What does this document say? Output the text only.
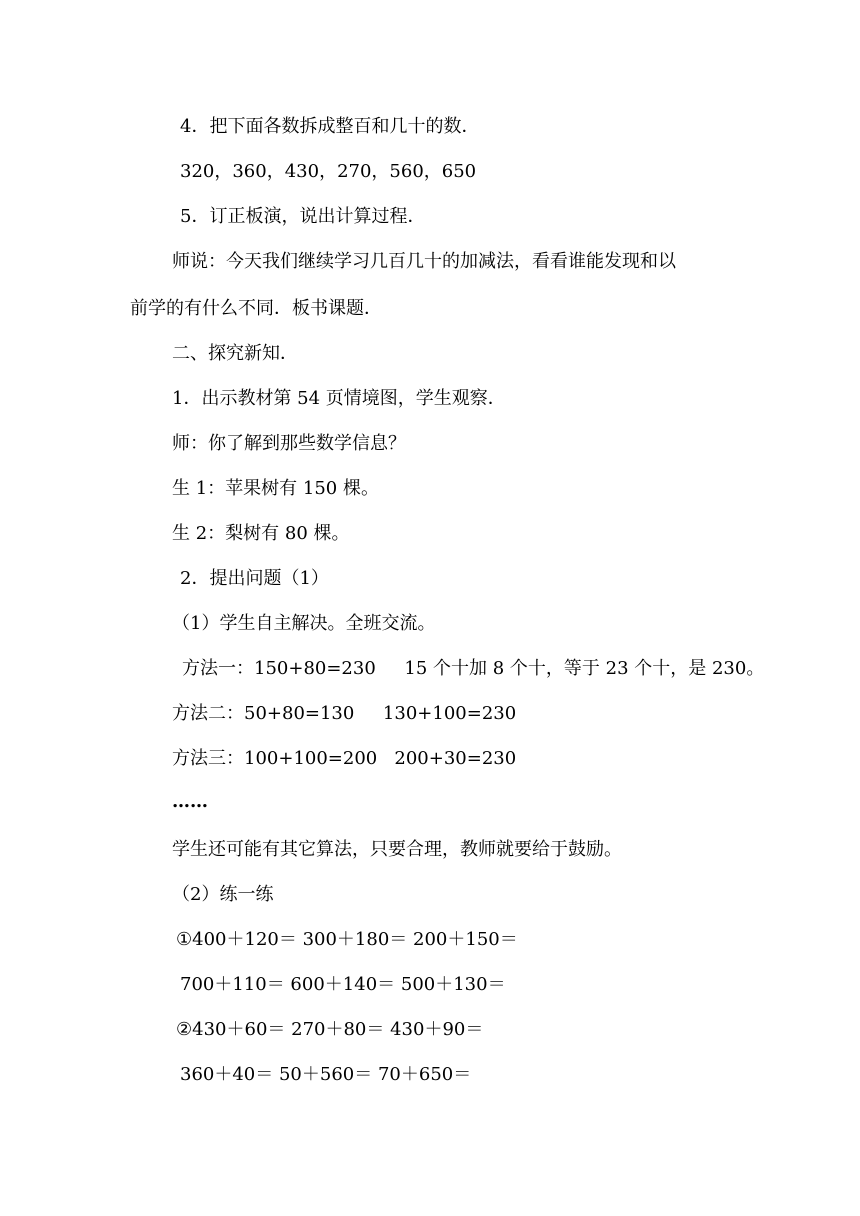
4．把下面各数拆成整百和几十的数．

320，360，430，270，560，650

5．订正板演，说出计算过程．

师说：今天我们继续学习几百几十的加减法，看看谁能发现和以

前学的有什么不同．板书课题．

二、探究新知．

1．出示教材第 54 页情境图，学生观察．

师：你了解到那些数学信息？

生 1：苹果树有 150 棵。

生 2：梨树有 80 棵。

2．提出问题（1）

（1）学生自主解决。全班交流。

方法一：150+80=230     15 个十加 8 个十，等于 23 个十，是 230。

方法二：50+80=130     130+100=230

方法三：100+100=200   200+30=230

……

学生还可能有其它算法，只要合理，教师就要给于鼓励。

（2）练一练

①400＋120＝ 300＋180＝ 200＋150＝

700＋110＝ 600＋140＝ 500＋130＝

②430＋60＝ 270＋80＝ 430＋90＝

360＋40＝ 50＋560＝ 70＋650＝
